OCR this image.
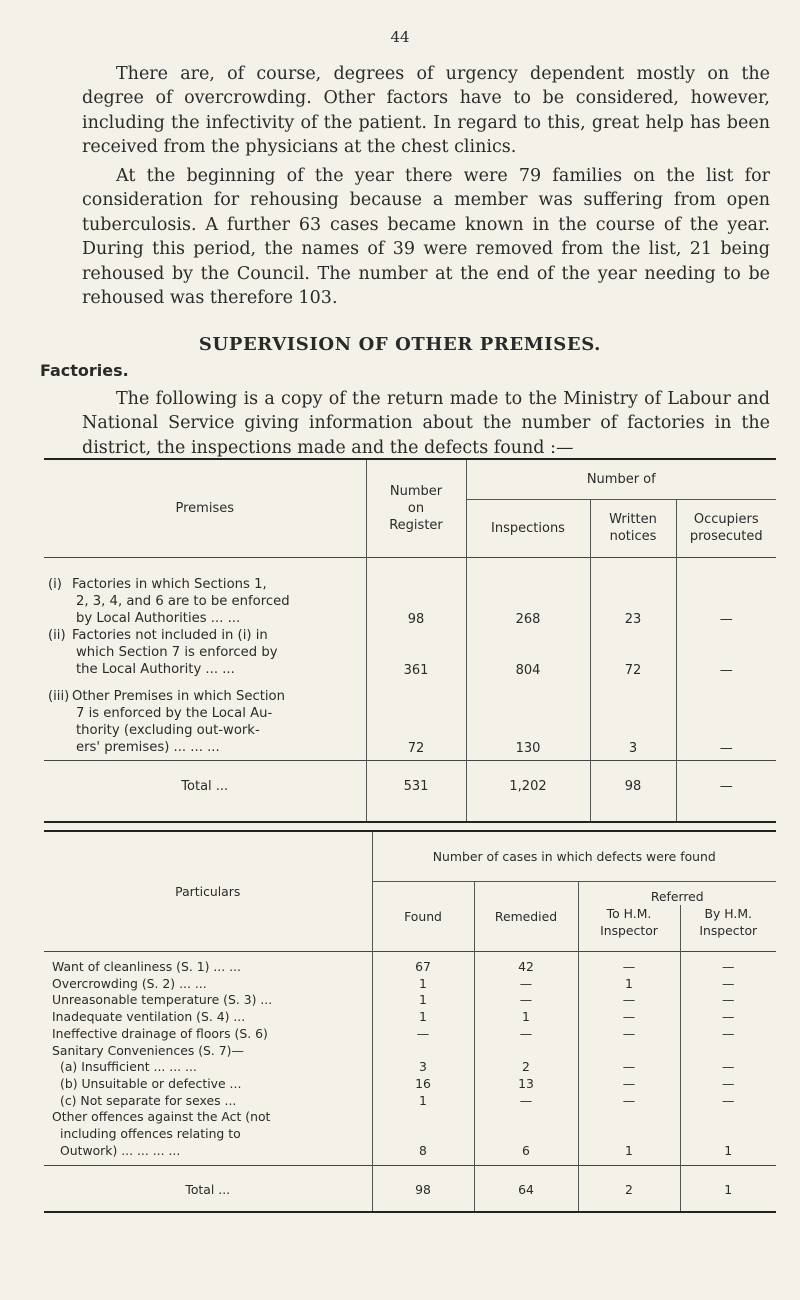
44

There are, of course, degrees of urgency dependent mostly on the degree of overcrowding. Other factors have to be considered, however, including the infectivity of the patient. In regard to this, great help has been received from the physicians at the chest clinics.

At the beginning of the year there were 79 families on the list for consideration for rehousing because a member was suffering from open tuberculosis. A further 63 cases became known in the course of the year. During this period, the names of 39 were removed from the list, 21 being rehoused by the Council. The number at the end of the year needing to be rehoused was therefore 103.

SUPERVISION OF OTHER PREMISES.
Factories.

The following is a copy of the return made to the Ministry of Labour and National Service giving information about the number of factories in the district, the inspections made and the defects found :—

Premises	Number on Register	Number of		
		Inspections	Written notices	Occupiers prosecuted

(i) Factories in which Sections 1,
2, 3, 4, and 6 are to be enforced
by Local Authorities ... ...	98	268	23	—

(ii) Factories not included in (i) in
which Section 7 is enforced by
the Local Authority ... ...	361	804	72	—

(iii) Other Premises in which Section
7 is enforced by the Local Au-
thority (excluding out-work-
ers' premises) ... ... ...	72	130	3	—
Total ...	531	1,202	98	—
Particulars	Number of cases in which defects were found			
	Found	Remedied	Referred	

			To H.M. Inspector	By H.M. Inspector

Want of cleanliness (S. 1) ... ...	67	42	—	—
Overcrowding (S. 2) ... ...	1	—	1	—
Unreasonable temperature (S. 3) ...	1	—	—	—
Inadequate ventilation (S. 4) ...	1	1	—	—
Ineffective drainage of floors (S. 6)	—	—	—	—
Sanitary Conveniences (S. 7)—				
(a) Insufficient ... ... ...	3	2	—	—
(b) Unsuitable or defective ...	16	13	—	—
(c) Not separate for sexes ...	1	—	—	—
Other offences against the Act (not				
including offences relating to				
Outwork) ... ... ... ...	8	6	1	1
Total ...	98	64	2	1
